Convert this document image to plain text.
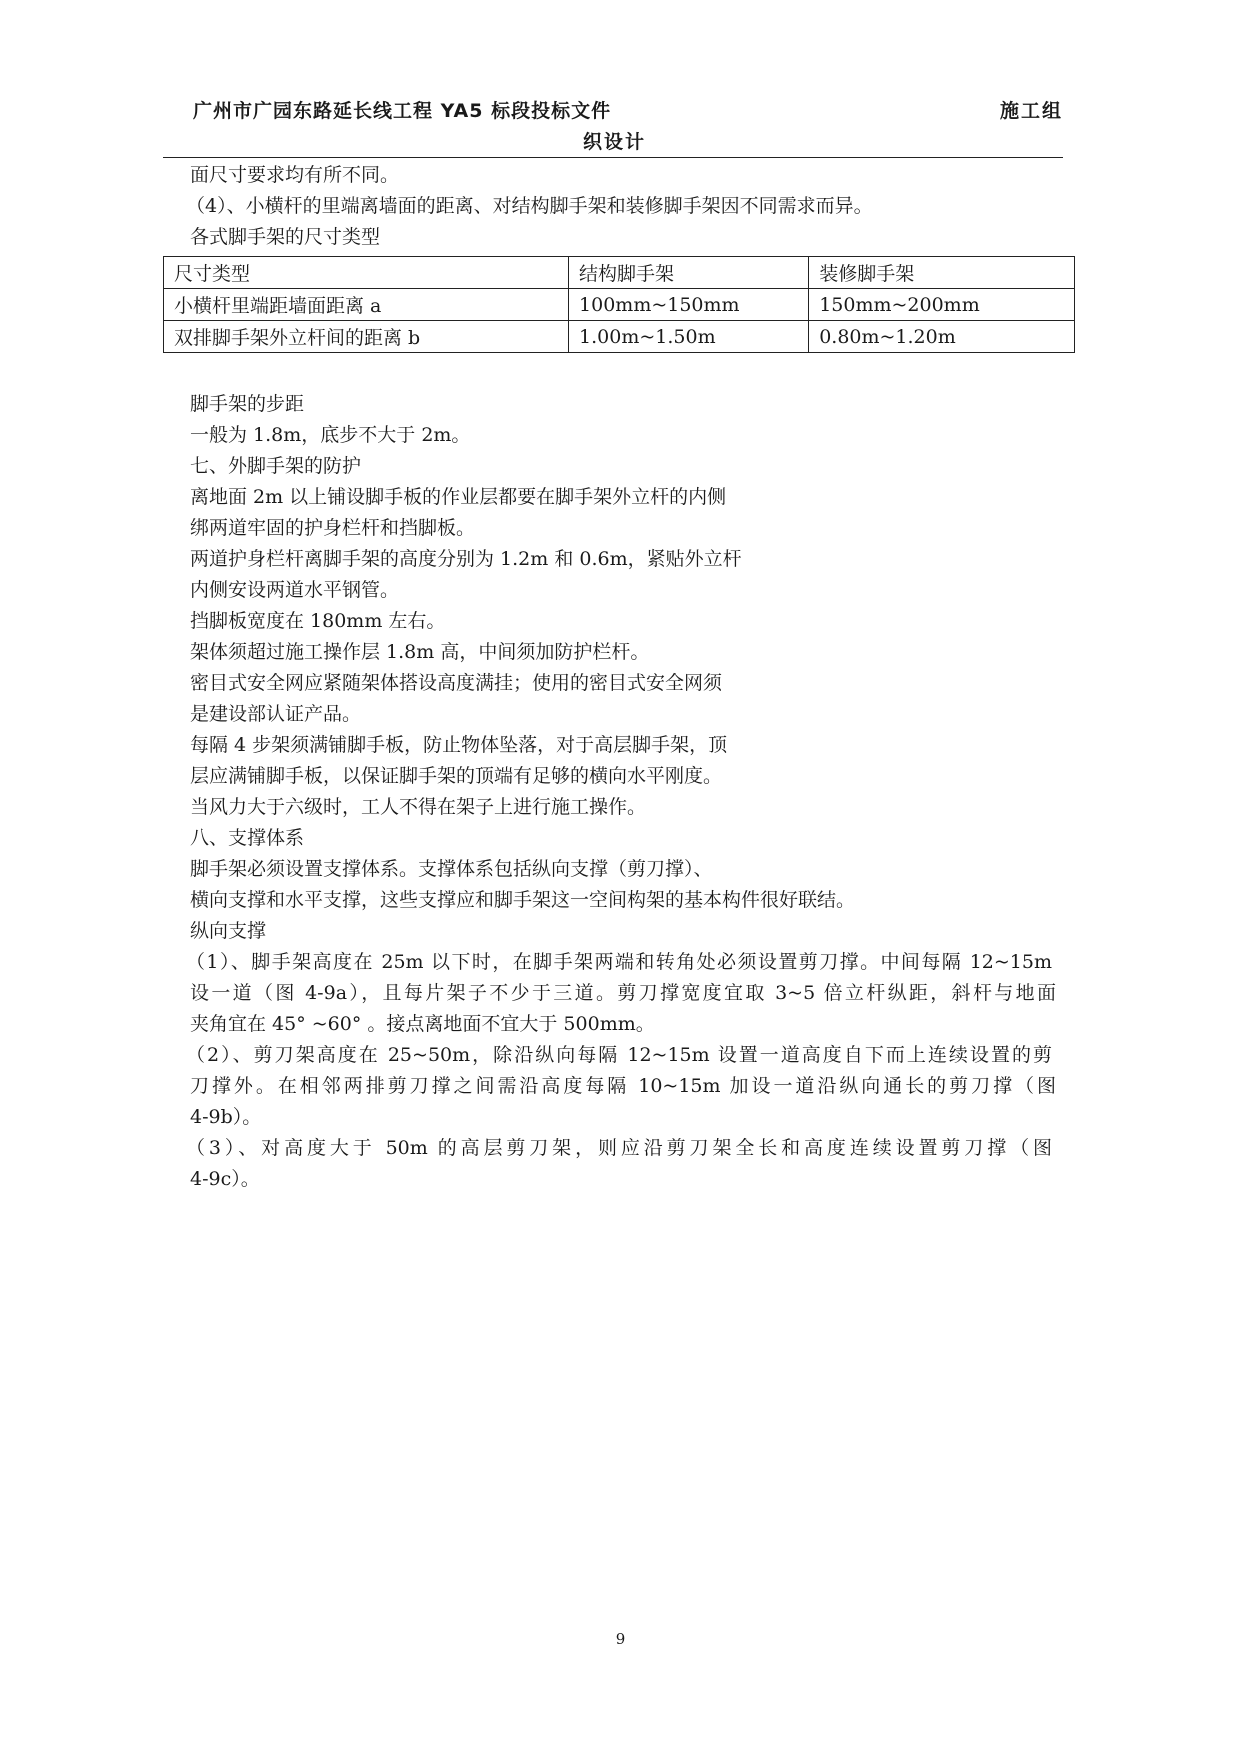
广州市广园东路延长线工程 YA5 标段投标文件	施工组
织设计
面尺寸要求均有所不同。
（4）、小横杆的里端离墙面的距离、对结构脚手架和装修脚手架因不同需求而异。
各式脚手架的尺寸类型
尺寸类型	结构脚手架	装修脚手架
小横杆里端距墙面距离 a	100mm~150mm	150mm~200mm
双排脚手架外立杆间的距离 b	1.00m~1.50m	0.80m~1.20m
脚手架的步距
一般为 1.8m，底步不大于 2m。
七、外脚手架的防护
离地面 2m 以上铺设脚手板的作业层都要在脚手架外立杆的内侧
绑两道牢固的护身栏杆和挡脚板。
两道护身栏杆离脚手架的高度分别为 1.2m 和 0.6m，紧贴外立杆
内侧安设两道水平钢管。
挡脚板宽度在 180mm 左右。
架体须超过施工操作层 1.8m 高，中间须加防护栏杆。
密目式安全网应紧随架体搭设高度满挂；使用的密目式安全网须
是建设部认证产品。
每隔 4 步架须满铺脚手板，防止物体坠落，对于高层脚手架，顶
层应满铺脚手板，以保证脚手架的顶端有足够的横向水平刚度。
当风力大于六级时，工人不得在架子上进行施工操作。
八、支撑体系
脚手架必须设置支撑体系。支撑体系包括纵向支撑（剪刀撑）、
横向支撑和水平支撑，这些支撑应和脚手架这一空间构架的基本构件很好联结。
纵向支撑
（1）、脚手架高度在 25m 以下时，在脚手架两端和转角处必须设置剪刀撑。中间每隔 12~15m
设一道（图 4-9a），且每片架子不少于三道。剪刀撑宽度宜取 3~5 倍立杆纵距，斜杆与地面
夹角宜在 45° ~60° 。接点离地面不宜大于 500mm。
（2）、剪刀架高度在 25~50m，除沿纵向每隔 12~15m 设置一道高度自下而上连续设置的剪
刀撑外。在相邻两排剪刀撑之间需沿高度每隔 10~15m 加设一道沿纵向通长的剪刀撑（图
4-9b）。
（3）、对高度大于 50m 的高层剪刀架，则应沿剪刀架全长和高度连续设置剪刀撑（图
4-9c）。
9
